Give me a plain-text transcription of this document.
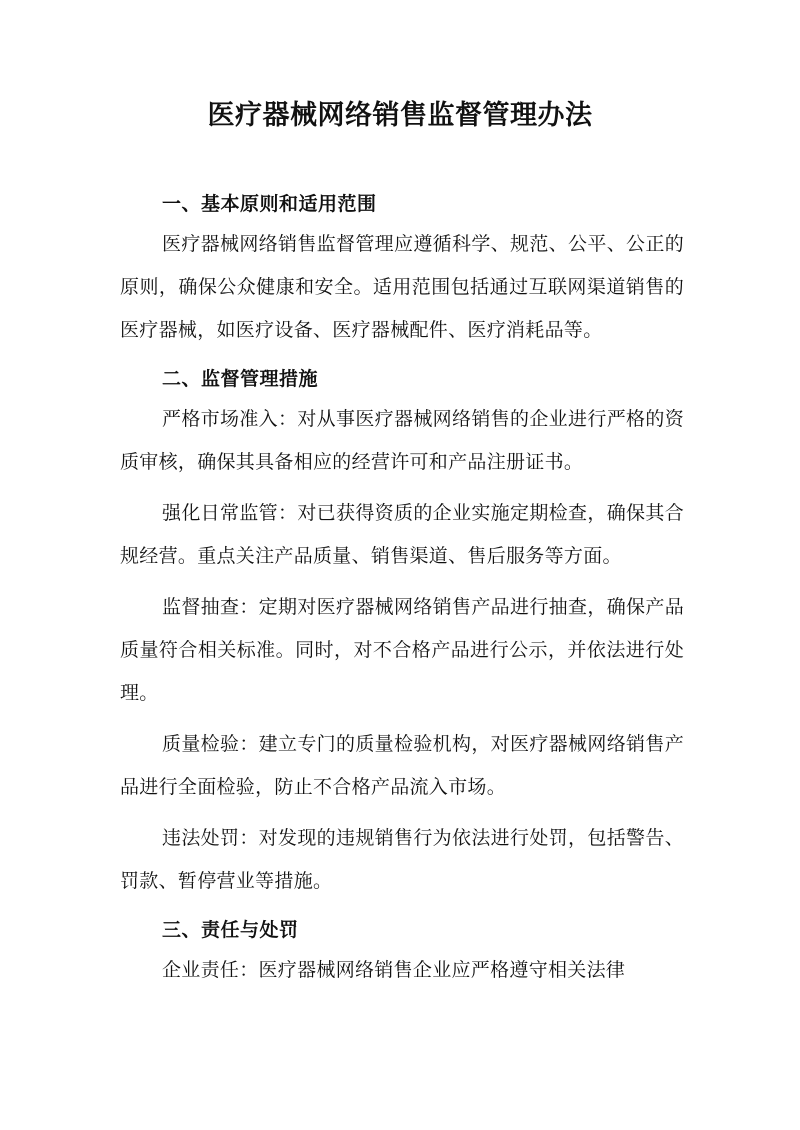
医疗器械网络销售监督管理办法
一、基本原则和适用范围

医疗器械网络销售监督管理应遵循科学、规范、公平、公正的原则，确保公众健康和安全。适用范围包括通过互联网渠道销售的医疗器械，如医疗设备、医疗器械配件、医疗消耗品等。

二、监督管理措施

严格市场准入：对从事医疗器械网络销售的企业进行严格的资质审核，确保其具备相应的经营许可和产品注册证书。

强化日常监管：对已获得资质的企业实施定期检查，确保其合规经营。重点关注产品质量、销售渠道、售后服务等方面。

监督抽查：定期对医疗器械网络销售产品进行抽查，确保产品质量符合相关标准。同时，对不合格产品进行公示，并依法进行处理。

质量检验：建立专门的质量检验机构，对医疗器械网络销售产品进行全面检验，防止不合格产品流入市场。

违法处罚：对发现的违规销售行为依法进行处罚，包括警告、罚款、暂停营业等措施。

三、责任与处罚

企业责任：医疗器械网络销售企业应严格遵守相关法律
